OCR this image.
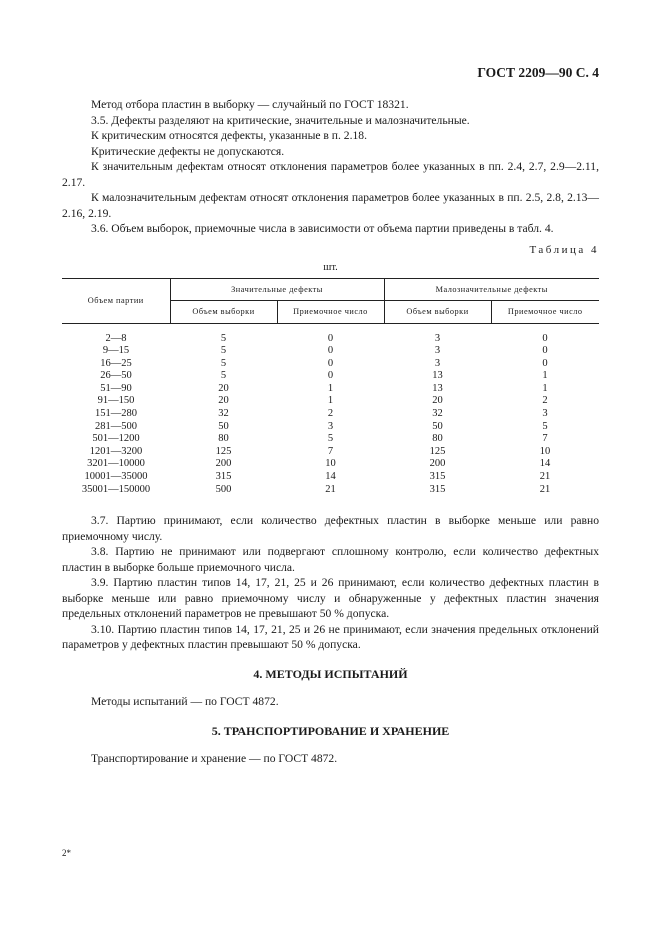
ГОСТ 2209—90 С. 4

Метод отбора пластин в выборку — случайный по ГОСТ 18321.

3.5. Дефекты разделяют на критические, значительные и малозначительные.

К критическим относятся дефекты, указанные в п. 2.18.

Критические дефекты не допускаются.

К значительным дефектам относят отклонения параметров более указанных в пп. 2.4, 2.7, 2.9—2.11, 2.17.

К малозначительным дефектам относят отклонения параметров более указанных в пп. 2.5, 2.8, 2.13—2.16, 2.19.

3.6. Объем выборок, приемочные числа в зависимости от объема партии приведены в табл. 4.

Таблица 4
шт.
Объем партии	Значительные дефекты		Малозначительные дефекты	
	Объем выборки	Приемочное число	Объем выборки	Приемочное число
2—8	5	0	3	0
9—15	5	0	3	0
16—25	5	0	3	0
26—50	5	0	13	1
51—90	20	1	13	1
91—150	20	1	20	2
151—280	32	2	32	3
281—500	50	3	50	5
501—1200	80	5	80	7
1201—3200	125	7	125	10
3201—10000	200	10	200	14
10001—35000	315	14	315	21
35001—150000	500	21	315	21

3.7. Партию принимают, если количество дефектных пластин в выборке меньше или равно приемочному числу.

3.8. Партию не принимают или подвергают сплошному контролю, если количество дефектных пластин в выборке больше приемочного числа.

3.9. Партию пластин типов 14, 17, 21, 25 и 26 принимают, если количество дефектных пластин в выборке меньше или равно приемочному числу и обнаруженные у дефектных пластин значения предельных отклонений параметров не превышают 50 % допуска.

3.10. Партию пластин типов 14, 17, 21, 25 и 26 не принимают, если значения предельных отклонений параметров у дефектных пластин превышают 50 % допуска.

4. МЕТОДЫ ИСПЫТАНИЙ

Методы испытаний — по ГОСТ 4872.

5. ТРАНСПОРТИРОВАНИЕ И ХРАНЕНИЕ

Транспортирование и хранение — по ГОСТ 4872.

2*
